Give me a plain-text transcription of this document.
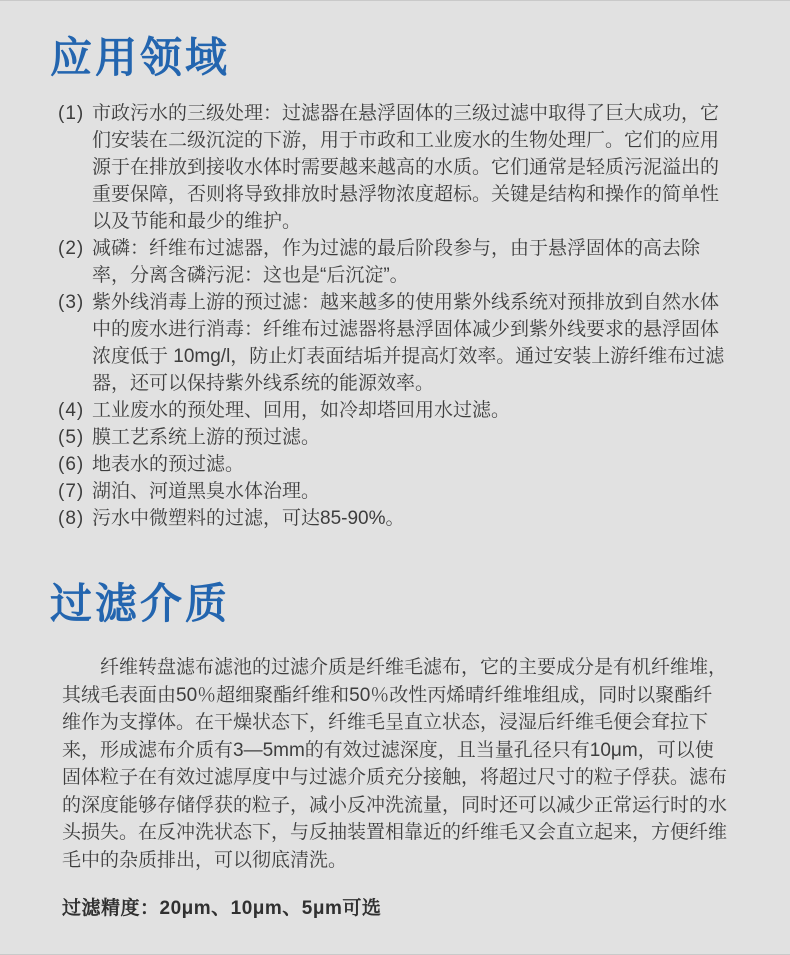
应用领域
(1) 市政污水的三级处理：过滤器在悬浮固体的三级过滤中取得了巨大成功，它们安装在二级沉淀的下游，用于市政和工业废水的生物处理厂。它们的应用源于在排放到接收水体时需要越来越高的水质。它们通常是轻质污泥溢出的重要保障，否则将导致排放时悬浮物浓度超标。关键是结构和操作的简单性以及节能和最少的维护。
(2) 减磷：纤维布过滤器，作为过滤的最后阶段参与，由于悬浮固体的高去除率，分离含磷污泥：这也是“后沉淀”。
(3) 紫外线消毒上游的预过滤：越来越多的使用紫外线系统对预排放到自然水体中的废水进行消毒：纤维布过滤器将悬浮固体减少到紫外线要求的悬浮固体浓度低于 10mg/l，防止灯表面结垢并提高灯效率。通过安装上游纤维布过滤器，还可以保持紫外线系统的能源效率。
(4) 工业废水的预处理、回用，如冷却塔回用水过滤。
(5) 膜工艺系统上游的预过滤。
(6) 地表水的预过滤。
(7) 湖泊、河道黑臭水体治理。
(8) 污水中微塑料的过滤，可达85-90%。
过滤介质

纤维转盘滤布滤池的过滤介质是纤维毛滤布，它的主要成分是有机纤维堆，其绒毛表面由50％超细聚酯纤维和50％改性丙烯晴纤维堆组成，同时以聚酯纤维作为支撑体。在干燥状态下，纤维毛呈直立状态，浸湿后纤维毛便会耷拉下来，形成滤布介质有3—5mm的有效过滤深度，且当量孔径只有10μm，可以使固体粒子在有效过滤厚度中与过滤介质充分接触，将超过尺寸的粒子俘获。滤布的深度能够存储俘获的粒子，减小反冲洗流量，同时还可以减少正常运行时的水头损失。在反冲洗状态下，与反抽装置相靠近的纤维毛又会直立起来，方便纤维毛中的杂质排出，可以彻底清洗。

过滤精度：20μm、10μm、5μm可选
